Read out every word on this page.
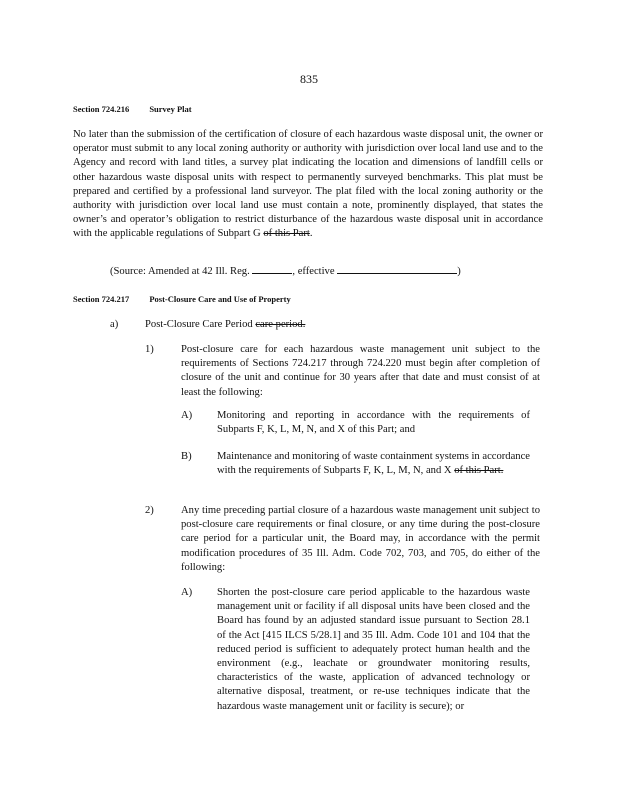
835
Section 724.216 Survey Plat
No later than the submission of the certification of closure of each hazardous waste disposal unit, the owner or operator must submit to any local zoning authority or authority with jurisdiction over local land use and to the Agency and record with land titles, a survey plat indicating the location and dimensions of landfill cells or other hazardous waste disposal units with respect to permanently surveyed benchmarks. This plat must be prepared and certified by a professional land surveyor. The plat filed with the local zoning authority or the authority with jurisdiction over local land use must contain a note, prominently displayed, that states the owner’s and operator’s obligation to restrict disturbance of the hazardous waste disposal unit in accordance with the applicable regulations of Subpart G of this Part.
(Source: Amended at 42 Ill. Reg.	, effective	)
Section 724.217 Post-Closure Care and Use of Property
a)	Post-Closure Care Period care period.
1)	Post-closure care for each hazardous waste management unit subject to the requirements of Sections 724.217 through 724.220 must begin after completion of closure of the unit and continue for 30 years after that date and must consist of at least the following:
A) Monitoring and reporting in accordance with the requirements of Subparts F, K, L, M, N, and X of this Part; and
B) Maintenance and monitoring of waste containment systems in accordance with the requirements of Subparts F, K, L, M, N, and X of this Part.
2)	Any time preceding partial closure of a hazardous waste management unit subject to post-closure care requirements or final closure, or any time during the post-closure care period for a particular unit, the Board may, in accordance with the permit modification procedures of 35 Ill. Adm. Code 702, 703, and 705, do either of the following:
A) Shorten the post-closure care period applicable to the hazardous waste management unit or facility if all disposal units have been closed and the Board has found by an adjusted standard issue pursuant to Section 28.1 of the Act [415 ILCS 5/28.1] and 35 Ill. Adm. Code 101 and 104 that the reduced period is sufficient to adequately protect human health and the environment (e.g., leachate or groundwater monitoring results, characteristics of the waste, application of advanced technology or alternative disposal, treatment, or re-use techniques indicate that the hazardous waste management unit or facility is secure); or
